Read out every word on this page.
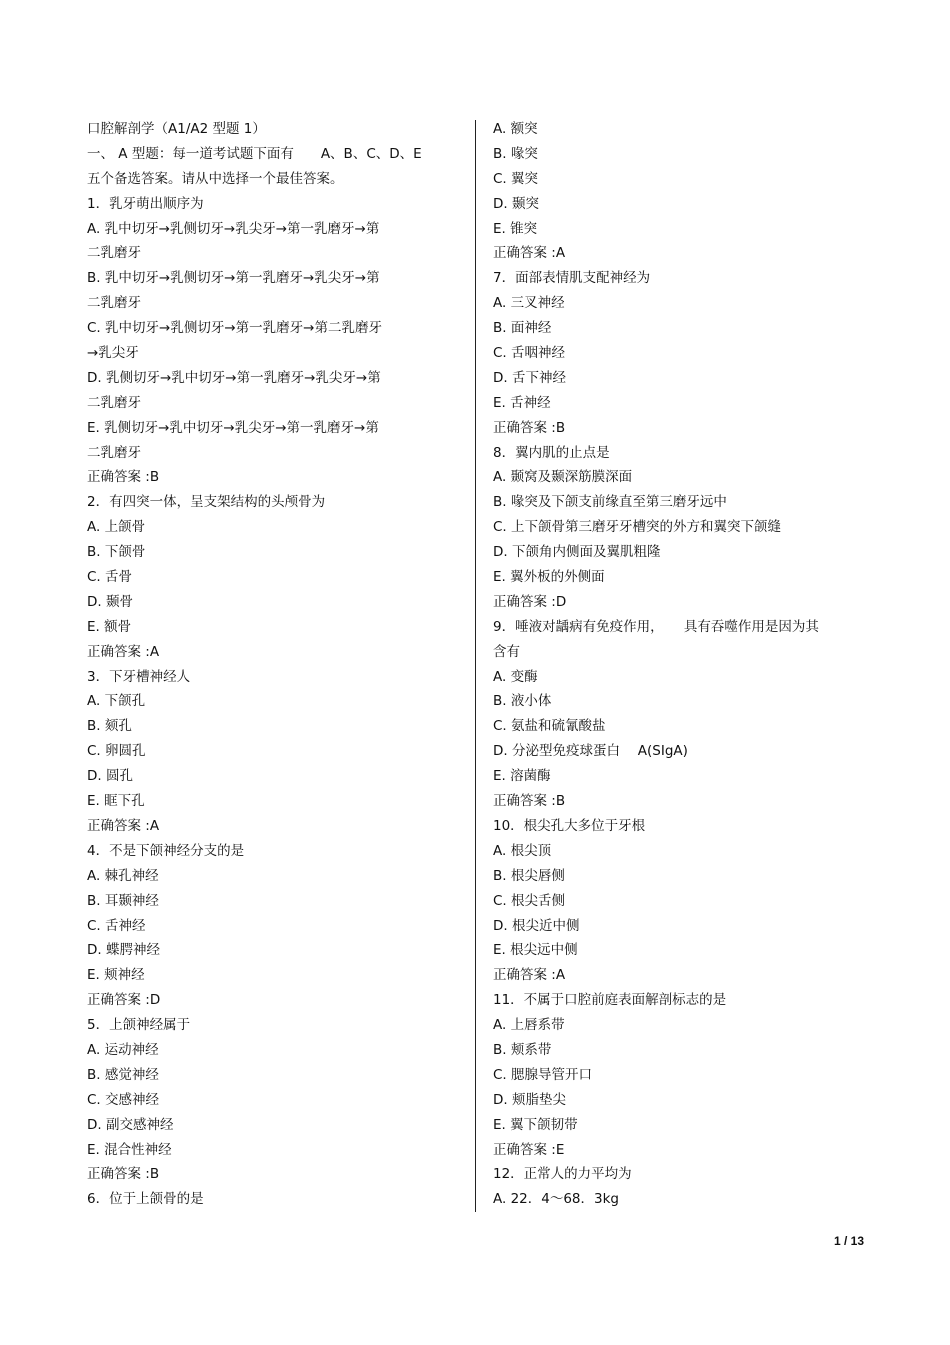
口腔解剖学（A1/A2 型题 1）
一、 A 型题：每一道考试题下面有　　A、B、C、D、E
五个备选答案。请从中选择一个最佳答案。
1．乳牙萌出顺序为
A. 乳中切牙→乳侧切牙→乳尖牙→第一乳磨牙→第
二乳磨牙
B. 乳中切牙→乳侧切牙→第一乳磨牙→乳尖牙→第
二乳磨牙
C. 乳中切牙→乳侧切牙→第一乳磨牙→第二乳磨牙
→乳尖牙
D. 乳侧切牙→乳中切牙→第一乳磨牙→乳尖牙→第
二乳磨牙
E. 乳侧切牙→乳中切牙→乳尖牙→第一乳磨牙→第
二乳磨牙
正确答案 :B
2．有四突一体，呈支架结构的头颅骨为
A. 上颌骨
B. 下颌骨
C. 舌骨
D. 颞骨
E. 额骨
正确答案 :A
3．下牙槽神经人
A. 下颌孔
B. 颏孔
C. 卵圆孔
D. 圆孔
E. 眶下孔
正确答案 :A
4．不是下颌神经分支的是
A. 棘孔神经
B. 耳颞神经
C. 舌神经
D. 蝶腭神经
E. 颊神经
正确答案 :D
5．上颌神经属于
A. 运动神经
B. 感觉神经
C. 交感神经
D. 副交感神经
E. 混合性神经
正确答案 :B
6．位于上颌骨的是
A. 额突
B. 喙突
C. 翼突
D. 颞突
E. 锥突
正确答案 :A
7．面部表情肌支配神经为
A. 三叉神经
B. 面神经
C. 舌咽神经
D. 舌下神经
E. 舌神经
正确答案 :B
8．翼内肌的止点是
A. 颞窝及颞深筋膜深面
B. 喙突及下颌支前缘直至第三磨牙远中
C. 上下颌骨第三磨牙牙槽突的外方和翼突下颌缝
D. 下颌角内侧面及翼肌粗隆
E. 翼外板的外侧面
正确答案 :D
9．唾液对龋病有免疫作用，　　具有吞噬作用是因为其
含有
A. 变酶
B. 液小体
C. 氨盐和硫氰酸盐
D. 分泌型免疫球蛋白　 A(SIgA)
E. 溶菌酶
正确答案 :B
10．根尖孔大多位于牙根
A. 根尖顶
B. 根尖唇侧
C. 根尖舌侧
D. 根尖近中侧
E. 根尖远中侧
正确答案 :A
11．不属于口腔前庭表面解剖标志的是
A. 上唇系带
B. 颊系带
C. 腮腺导管开口
D. 颊脂垫尖
E. 翼下颌韧带
正确答案 :E
12．正常人的力平均为
A. 22．4～68．3kg
1 / 13
